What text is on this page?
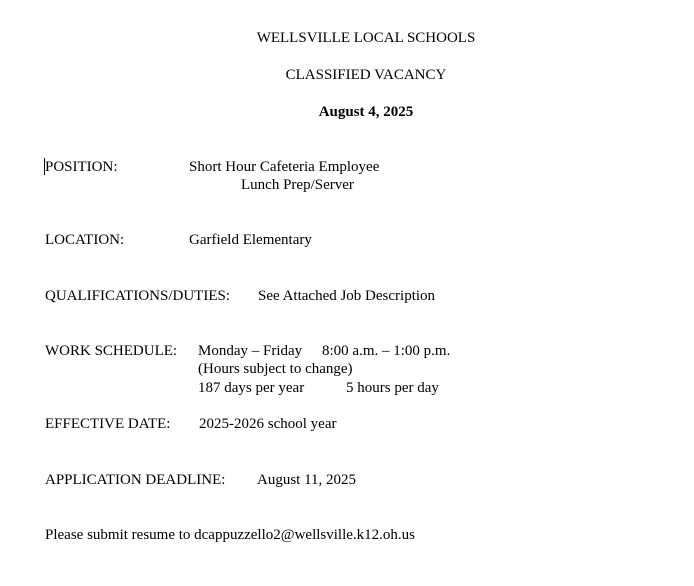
WELLSVILLE LOCAL SCHOOLS
CLASSIFIED VACANCY
August 4, 2025
POSITION:	Short Hour Cafeteria Employee
Lunch Prep/Server
LOCATION:	Garfield Elementary
QUALIFICATIONS/DUTIES: See Attached Job Description
WORK SCHEDULE: Monday – Friday 8:00 a.m. – 1:00 p.m.
(Hours subject to change)
187 days per year	5 hours per day
EFFECTIVE DATE: 2025-2026 school year
APPLICATION DEADLINE: August 11, 2025
Please submit resume to dcappuzzello2@wellsville.k12.oh.us
